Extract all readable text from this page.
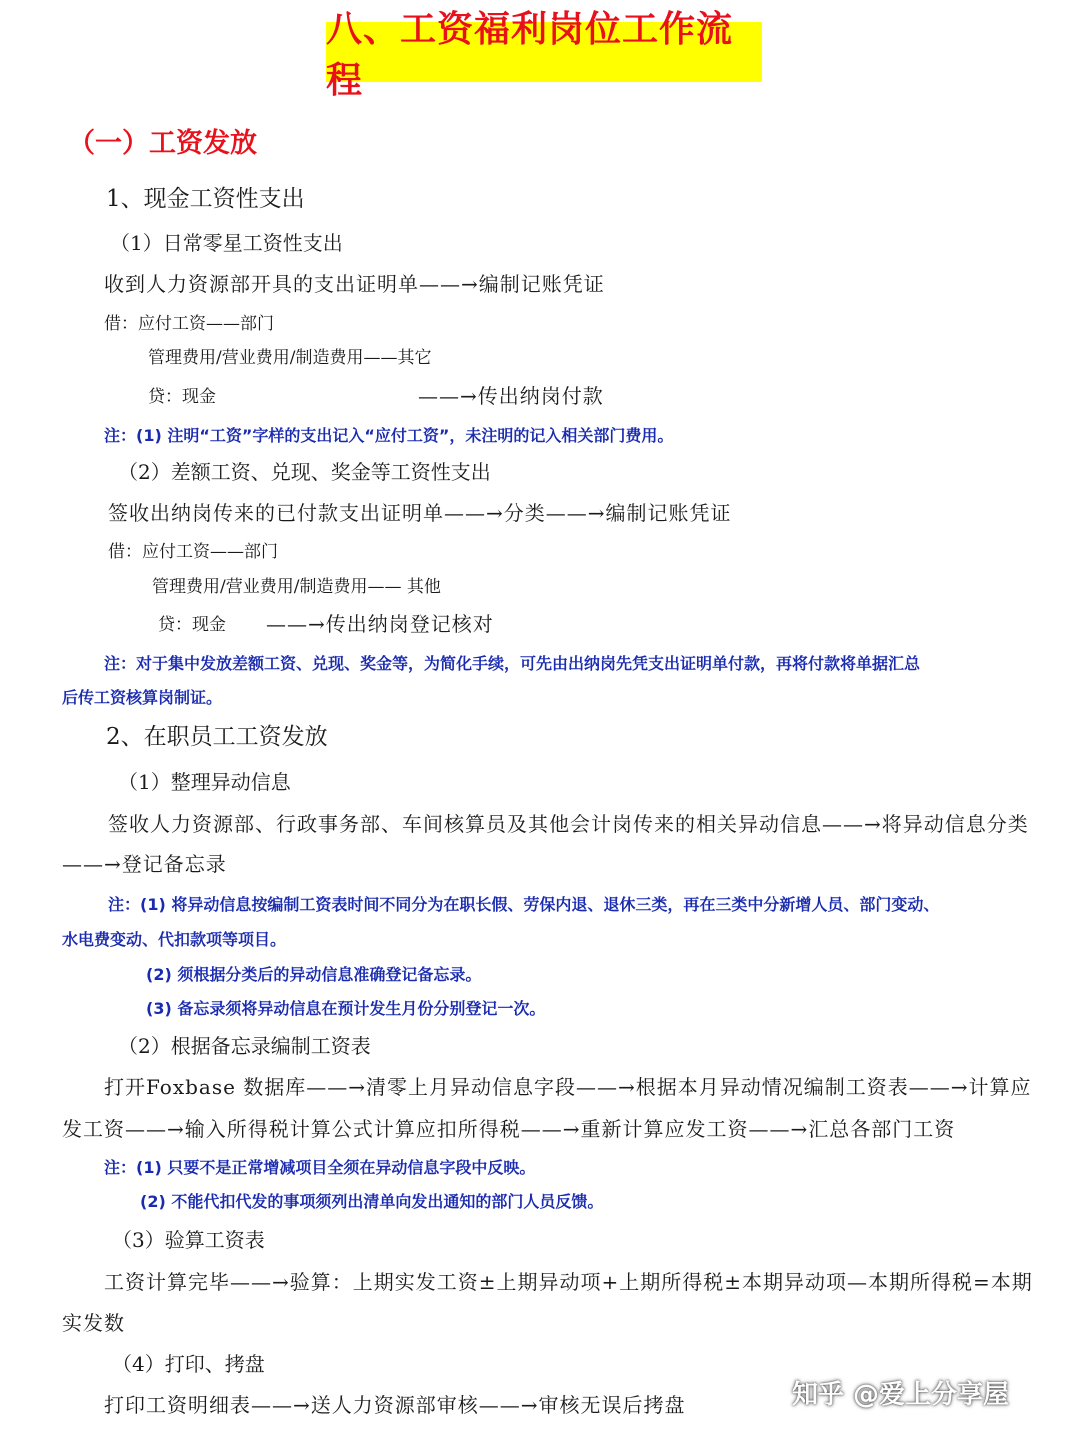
八、工资福利岗位工作流程
（一）工资发放
1、现金工资性支出
（1）日常零星工资性支出
收到人力资源部开具的支出证明单——→编制记账凭证
借：应付工资——部门
管理费用/营业费用/制造费用——其它
贷：现金	——→传出纳岗付款
注：(1) 注明“工资”字样的支出记入“应付工资”，未注明的记入相关部门费用。
（2）差额工资、兑现、奖金等工资性支出
签收出纳岗传来的已付款支出证明单——→分类——→编制记账凭证
借：应付工资——部门
管理费用/营业费用/制造费用—— 其他
贷：现金 ——→传出纳岗登记核对
注：对于集中发放差额工资、兑现、奖金等，为简化手续，可先由出纳岗先凭支出证明单付款，再将付款将单据汇总
后传工资核算岗制证。
2、在职员工工资发放
（1）整理异动信息
签收人力资源部、行政事务部、车间核算员及其他会计岗传来的相关异动信息——→将异动信息分类
——→登记备忘录
注：(1) 将异动信息按编制工资表时间不同分为在职长假、劳保内退、退休三类，再在三类中分新增人员、部门变动、
水电费变动、代扣款项等项目。
(2) 须根据分类后的异动信息准确登记备忘录。
(3) 备忘录须将异动信息在预计发生月份分别登记一次。
（2）根据备忘录编制工资表
打开Foxbase 数据库——→清零上月异动信息字段——→根据本月异动情况编制工资表——→计算应
发工资——→输入所得税计算公式计算应扣所得税——→重新计算应发工资——→汇总各部门工资
注：(1) 只要不是正常增减项目全须在异动信息字段中反映。
(2) 不能代扣代发的事项须列出清单向发出通知的部门人员反馈。
（3）验算工资表
工资计算完毕——→验算：上期实发工资±上期异动项+上期所得税±本期异动项—本期所得税=本期
实发数
（4）打印、拷盘
打印工资明细表——→送人力资源部审核——→审核无误后拷盘	知乎 @爱上分享屋
